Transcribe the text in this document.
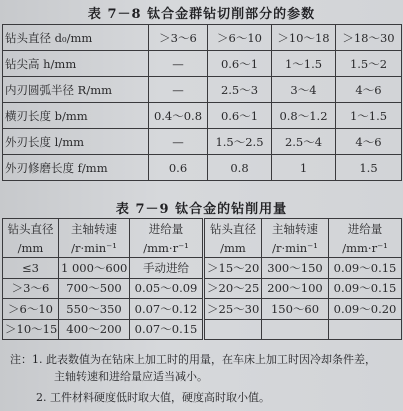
表 7－8 钛合金群钻切削部分的参数
钻头直径 d₀/mm	＞3～6	＞6～10	＞10～18	＞18～30
钻尖高 h/mm	—	0.6～1	1～1.5	1.5～2
内刃圆弧半径 R/mm	—	2.5～3	3～4	4～6
横刃长度 b/mm	0.4～0.8	0.6～1	0.8～1.2	1～1.5
外刃长度 l/mm	—	1.5～2.5	2.5～4	4～6
外刃修磨长度 f/mm	0.6	0.8	1	1.5
表 7－9 钛合金的钻削用量
钻头直径	主轴转速	进给量	钻头直径	主轴转速	进给量
/mm	/r·min⁻¹	/mm·r⁻¹	/mm	/r·min⁻¹	/mm·r⁻¹
≤3	1 000～600	手动进给	＞15～20	300～150	0.09～0.15
＞3～6	700～500	0.05～0.09	＞20～25	200～100	0.09～0.15
＞6～10	550～350	0.07～0.12	＞25～30	150～60	0.09～0.20
＞10～15	400～200	0.07～0.15			
注：1. 此表数值为在钻床上加工时的用量，在车床上加工时因冷却条件差，
主轴转速和进给量应适当减小。
2. 工件材料硬度低时取大值，硬度高时取小值。
